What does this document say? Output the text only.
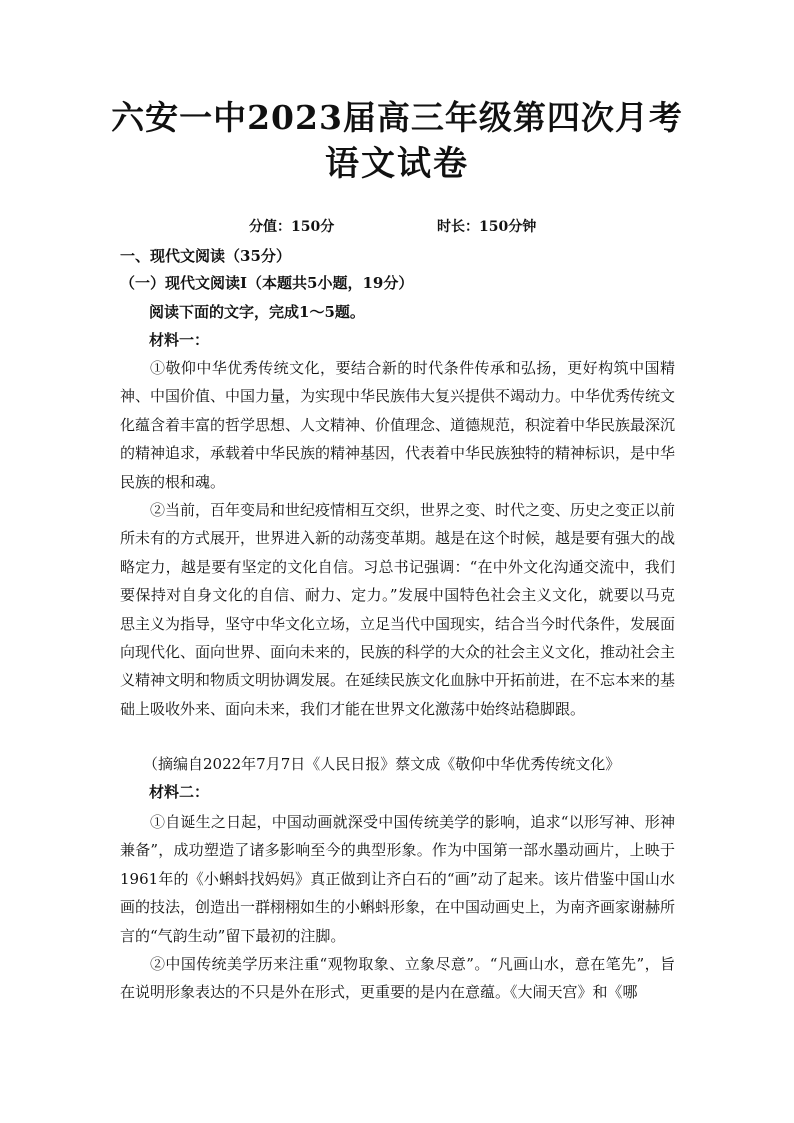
六安一中2023届高三年级第四次月考
语文试卷
分值：150分	时长：150分钟
一、现代文阅读（35分）
（一）现代文阅读Ⅰ（本题共5小题，19分）
阅读下面的文字，完成1～5题。
材料一：
①敬仰中华优秀传统文化，要结合新的时代条件传承和弘扬，更好构筑中国精神、中国价值、中国力量，为实现中华民族伟大复兴提供不竭动力。中华优秀传统文化蕴含着丰富的哲学思想、人文精神、价值理念、道德规范，积淀着中华民族最深沉的精神追求，承载着中华民族的精神基因，代表着中华民族独特的精神标识，是中华民族的根和魂。
②当前，百年变局和世纪疫情相互交织，世界之变、时代之变、历史之变正以前所未有的方式展开，世界进入新的动荡变革期。越是在这个时候，越是要有强大的战略定力，越是要有坚定的文化自信。习总书记强调：“在中外文化沟通交流中，我们要保持对自身文化的自信、耐力、定力。”发展中国特色社会主义文化，就要以马克思主义为指导，坚守中华文化立场，立足当代中国现实，结合当今时代条件，发展面向现代化、面向世界、面向未来的，民族的科学的大众的社会主义文化，推动社会主义精神文明和物质文明协调发展。在延续民族文化血脉中开拓前进，在不忘本来的基础上吸收外来、面向未来，我们才能在世界文化激荡中始终站稳脚跟。
（摘编自2022年7月7日《人民日报》蔡文成《敬仰中华优秀传统文化》
材料二：
①自诞生之日起，中国动画就深受中国传统美学的影响，追求“以形写神、形神兼备”，成功塑造了诸多影响至今的典型形象。作为中国第一部水墨动画片，上映于1961年的《小蝌蚪找妈妈》真正做到让齐白石的“画”动了起来。该片借鉴中国山水画的技法，创造出一群栩栩如生的小蝌蚪形象，在中国动画史上，为南齐画家谢赫所言的“气韵生动”留下最初的注脚。
②中国传统美学历来注重“观物取象、立象尽意”。“凡画山水，意在笔先”，旨在说明形象表达的不只是外在形式，更重要的是内在意蕴。《大闹天宫》和《哪
